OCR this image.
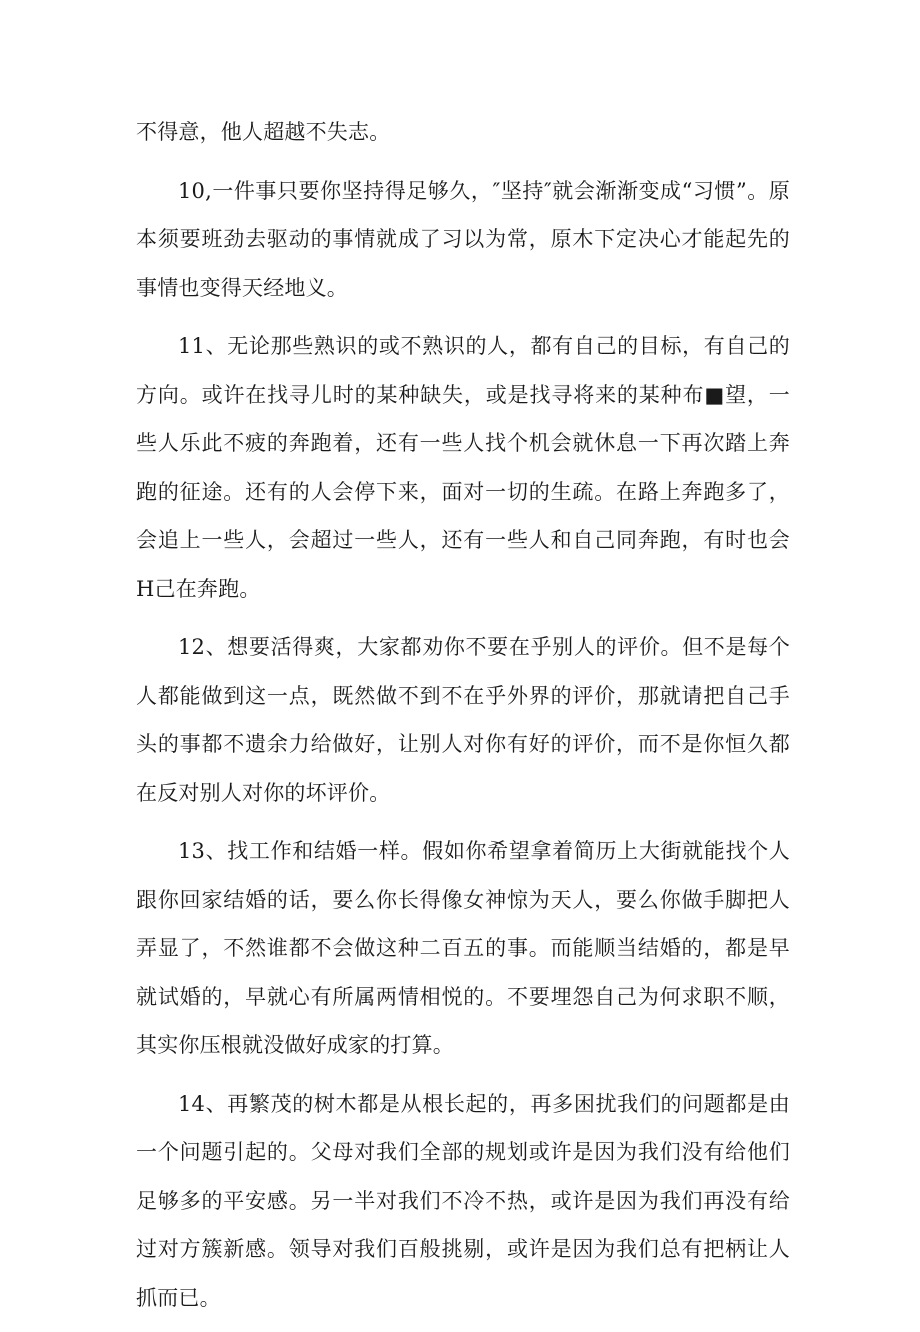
不得意，他人超越不失志。

10,一件事只要你坚持得足够久，″坚持″就会渐渐变成“习惯”。原本须要班劲去驱动的事情就成了习以为常，原木下定决心才能起先的事情也变得天经地义。

11、无论那些熟识的或不熟识的人，都有自己的目标，有自己的方向。或许在找寻儿时的某种缺失，或是找寻将来的某种布■望，一些人乐此不疲的奔跑着，还有一些人找个机会就休息一下再次踏上奔跑的征途。还有的人会停下来，面对一切的生疏。在路上奔跑多了，会追上一些人，会超过一些人，还有一些人和自己同奔跑，有时也会H己在奔跑。

12、想要活得爽，大家都劝你不要在乎别人的评价。但不是每个人都能做到这一点，既然做不到不在乎外界的评价，那就请把自己手头的事都不遗余力给做好，让别人对你有好的评价，而不是你恒久都在反对别人对你的坏评价。

13、找工作和结婚一样。假如你希望拿着简历上大街就能找个人跟你回家结婚的话，要么你长得像女神惊为天人，要么你做手脚把人弄显了，不然谁都不会做这种二百五的事。而能顺当结婚的，都是早就试婚的，早就心有所属两情相悦的。不要埋怨自己为何求职不顺，其实你压根就没做好成家的打算。

14、再繁茂的树木都是从根长起的，再多困扰我们的问题都是由一个问题引起的。父母对我们全部的规划或许是因为我们没有给他们足够多的平安感。另一半对我们不冷不热，或许是因为我们再没有给过对方簇新感。领导对我们百般挑剔，或许是因为我们总有把柄让人抓而已。
